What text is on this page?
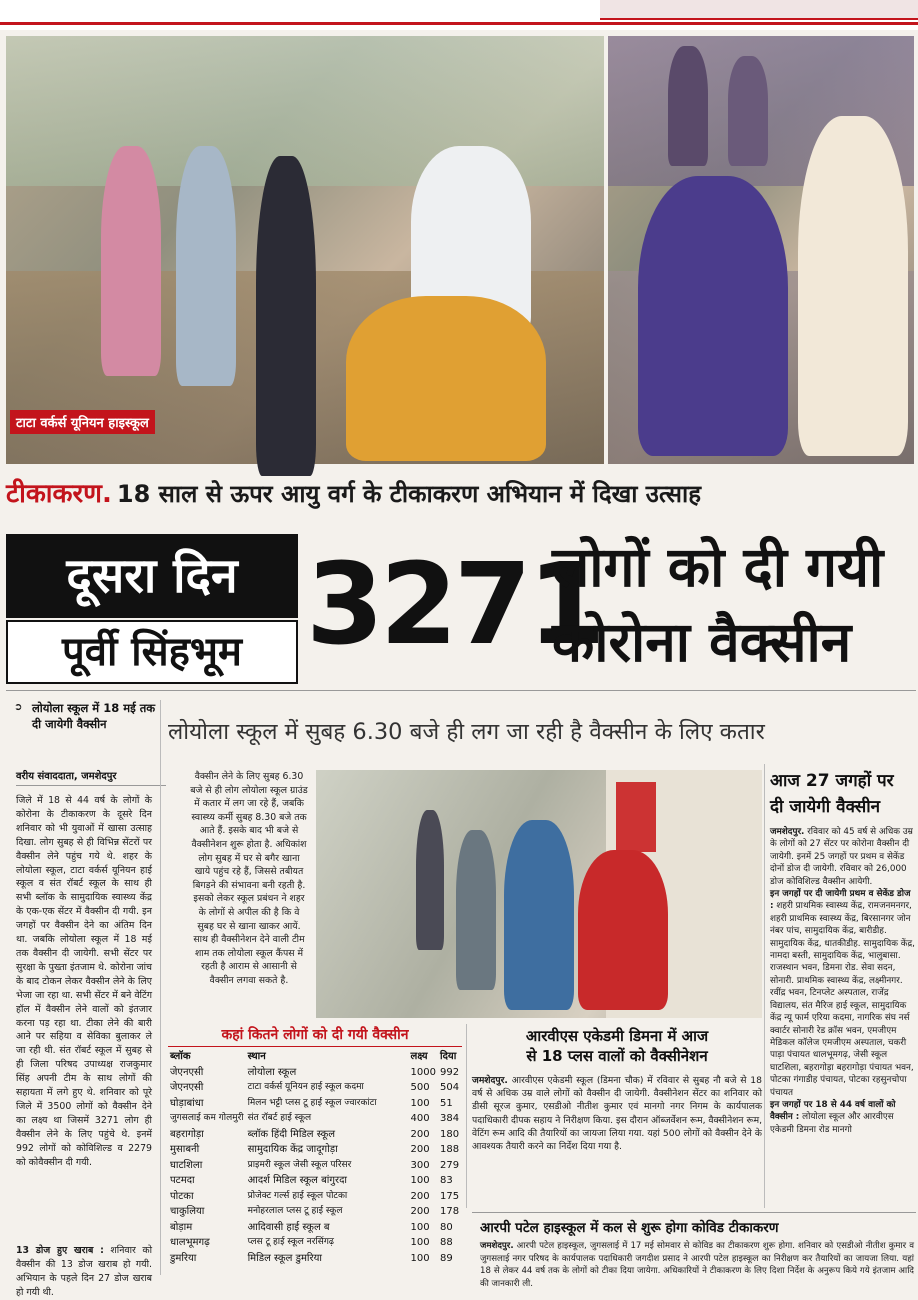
टाटा वर्कर्स यूनियन हाइस्कूल
टीकाकरण. 18 साल से ऊपर आयु वर्ग के टीकाकरण अभियान में दिखा उत्साह
दूसरा दिन
पूर्वी सिंहभूम 3271
लोगों को दी गयी
कोरोना वैक्सीन
➲ लोयोला स्कूल में 18 मई तक दी जायेगी वैक्सीन
वरीय संवाददाता, जमशेदपुर
जिले में 18 से 44 वर्ष के लोगों के कोरोना के टीकाकरण के दूसरे दिन शनिवार को भी युवाओं में खासा उत्साह दिखा. लोग सुबह से ही विभिन्न सेंटरों पर वैक्सीन लेने पहुंच गये थे. शहर के लोयोला स्कूल, टाटा वर्कर्स यूनियन हाई स्कूल व संत रॉबर्ट स्कूल के साथ ही सभी ब्लॉक के सामुदायिक स्वास्थ्य केंद्र के एक-एक सेंटर में वैक्सीन दी गयी. इन जगहों पर वैक्सीन देने का अंतिम दिन था. जबकि लोयोला स्कूल में 18 मई तक वैक्सीन दी जायेगी. सभी सेंटर पर सुरक्षा के पुख्ता इंतजाम थे. कोरोना जांच के बाद टोकन लेकर वैक्सीन लेने के लिए भेजा जा रहा था. सभी सेंटर में बने वेटिंग हॉल में वैक्सीन लेने वालों को इंतजार करना पड़ रहा था. टीका लेने की बारी आने पर सहिया व सेविका बुलाकर ले जा रही थी. संत रॉबर्ट स्कूल में सुबह से ही जिला परिषद उपाध्यक्ष राजकुमार सिंह अपनी टीम के साथ लोगों की सहायता में लगे हुए थे. शनिवार को पूरे जिले में 3500 लोगों को वैक्सीन देने का लक्ष्य था जिसमें 3271 लोग ही वैक्सीन लेने के लिए पहुंचे थे. इनमें 992 लोगों को कोविशिल्ड व 2279 को कोवैक्सीन दी गयी.
13 डोज हुए खराब : शनिवार को वैक्सीन की 13 डोज खराब हो गयी. अभियान के पहले दिन 27 डोज खराब हो गयी थी.
लोयोला स्कूल में सुबह 6.30 बजे ही लग जा रही है वैक्सीन के लिए कतार
वैक्सीन लेने के लिए सुबह 6.30 बजे से ही लोग लोयोला स्कूल ग्राउंड में कतार में लग जा रहे हैं, जबकि स्वास्थ्य कर्मी सुबह 8.30 बजे तक आते हैं. इसके बाद भी बजे से वैक्सीनेशन शुरू होता है. अधिकांश लोग सुबह में घर से बगैर खाना खाये पहुंच रहे हैं, जिससे तबीयत बिगड़ने की संभावना बनी रहती है. इसको लेकर स्कूल प्रबंधन ने शहर के लोगों से अपील की है कि वे सुबह घर से खाना खाकर आयें. साथ ही वैक्सीनेशन देने वाली टीम शाम तक लोयोला स्कूल कैंपस में रहती है आराम से आसानी से वैक्सीन लगवा सकते है.
कहां कितने लोगों को दी गयी वैक्सीन
ब्लॉक	स्थान	लक्ष्य	दिया
जेएनएसी	लोयोला स्कूल	1000	992
जेएनएसी	टाटा वर्कर्स यूनियन हाई स्कूल कदमा	500	504
घोड़ाबांधा	मिलन भट्टी प्लस टू हाई स्कूल ज्वारकांटा	100	51
जुगसलाई कम गोलमुरी	संत रॉबर्ट हाई स्कूल	400	384
बहरागोड़ा	ब्लॉक हिंदी मिडिल स्कूल	200	180
मुसाबनी	सामुदायिक केंद्र जादूगोड़ा	200	188
घाटशिला	प्राइमरी स्कूल जेसी स्कूल परिसर	300	279
पटमदा	आदर्श मिडिल स्कूल बांगुरदा	100	83
पोटका	प्रोजेक्ट गर्ल्स हाई स्कूल पोटका	200	175
चाकुलिया	मनोहरलाल प्लस टू हाई स्कूल	200	178
बोड़ाम	आदिवासी हाई स्कूल ब	100	80
धालभूमगढ़	प्लस टू हाई स्कूल नरसिंगढ़	100	88
डुमरिया	मिडिल स्कूल डुमरिया	100	89
आरवीएस एकेडमी डिमना में आज
से 18 प्लस वालों को वैक्सीनेशन
जमशेदपुर. आरवीएस एकेडमी स्कूल (डिमना चौक) में रविवार से सुबह नौ बजे से 18 वर्ष से अधिक उम्र वाले लोगों को वैक्सीन दी जायेगी. वैक्सीनेशन सेंटर का शनिवार को डीसी सूरज कुमार, एसडीओ नीतीश कुमार एवं मानगो नगर निगम के कार्यपालक पदाधिकारी दीपक सहाय ने निरीक्षण किया. इस दौरान ऑब्जर्वेशन रूम, वैक्सीनेशन रूम, वेटिंग रूम आदि की तैयारियों का जायजा लिया गया. यहां 500 लोगों को वैक्सीन देने के आवश्यक तैयारी करने का निर्देश दिया गया है.
आरपी पटेल हाइस्कूल में कल से शुरू होगा कोविड टीकाकरण
जमशेदपुर. आरपी पटेल हाइस्कूल, जुगसलाई में 17 मई सोमवार से कोविड का टीकाकरण शुरू होगा. शनिवार को एसडीओ नीतीश कुमार व जुगसलाई नगर परिषद के कार्यपालक पदाधिकारी जगदीश प्रसाद ने आरपी पटेल हाइस्कूल का निरीक्षण कर तैयारियों का जायजा लिया. यहां 18 से लेकर 44 वर्ष तक के लोगों को टीका दिया जायेगा. अधिकारियों ने टीकाकरण के लिए दिशा निर्देश के अनुरूप किये गये इंतजाम आदि की जानकारी ली.
आज 27 जगहों पर
दी जायेगी वैक्सीन
जमशेदपुर. रविवार को 45 वर्ष से अधिक उम्र के लोगों को 27 सेंटर पर कोरोना वैक्सीन दी जायेगी. इनमें 25 जगहों पर प्रथम व सेकेंड दोनों डोज दी जायेगी. रविवार को 26,000 डोज कोविशिल्ड वैक्सीन आयेगी.
इन जगहों पर दी जायेगी प्रथम व सेकेंड डोज : शहरी प्राथमिक स्वास्थ्य केंद्र, रामजनमनगर, शहरी प्राथमिक स्वास्थ्य केंद्र, बिरसानगर जोन नंबर पांच, सामुदायिक केंद्र, बारीडीह. सामुदायिक केंद्र, धातकीडीह. सामुदायिक केंद्र, नामदा बस्ती, सामुदायिक केंद्र, भालुबासा. राजस्थान भवन, डिमना रोड. सेवा सदन, सोनारी. प्राथमिक स्वास्थ्य केंद्र, लक्ष्मीनगर. रवींद्र भवन, टिनप्लेट अस्पताल, राजेंद्र विद्यालय, संत मैरिज हाई स्कूल, सामुदायिक केंद्र न्यू फार्म एरिया कदमा, नागरिक संघ नर्स क्वार्टर सोनारी रेड क्रॉस भवन, एमजीएम मेडिकल कॉलेज एमजीएम अस्पताल, चकरी पाड़ा पंचायत धालभूमगढ़, जेसी स्कूल घाटशिला, बहरागोड़ा बहरागोड़ा पंचायत भवन, पोटका गंगाडीह पंचायत, पोटका रहसुनचोपा पंचायत
इन जगहों पर 18 से 44 वर्ष वालों को वैक्सीन : लोयोला स्कूल और आरवीएस एकेडमी डिमना रोड मानगो
